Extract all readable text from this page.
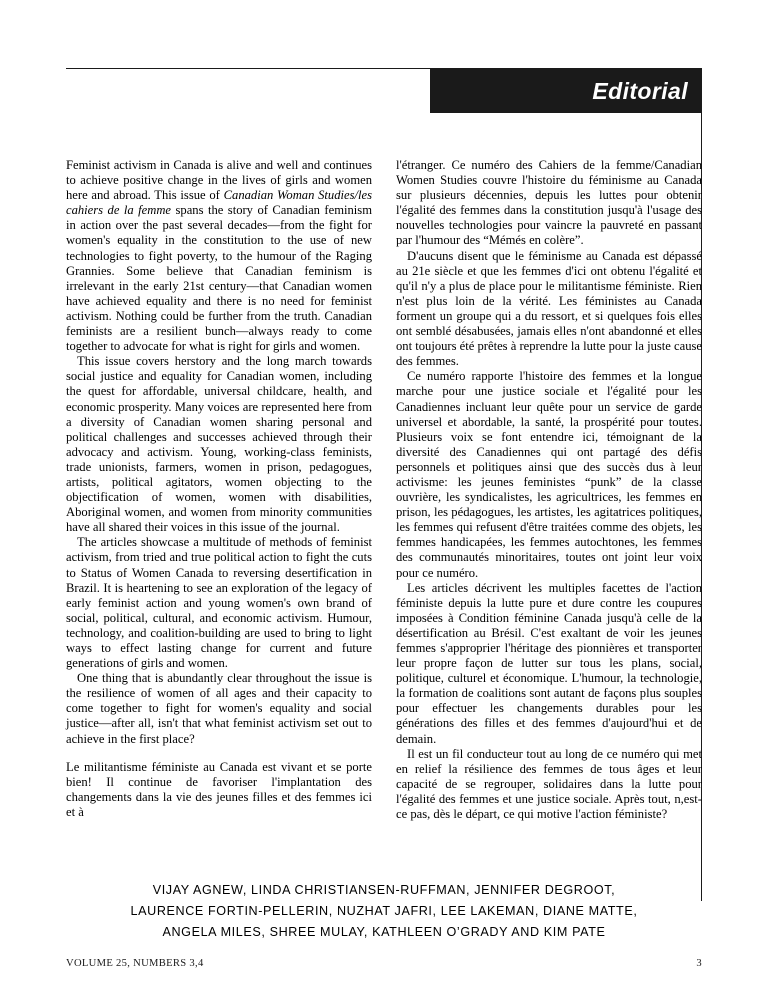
Editorial

Feminist activism in Canada is alive and well and continues to achieve positive change in the lives of girls and women here and abroad. This issue of Canadian Woman Studies/les cahiers de la femme spans the story of Canadian feminism in action over the past several decades—from the fight for women's equality in the constitution to the use of new technologies to fight poverty, to the humour of the Raging Grannies. Some believe that Canadian feminism is irrelevant in the early 21st century—that Canadian women have achieved equality and there is no need for feminist activism. Nothing could be further from the truth. Canadian feminists are a resilient bunch—always ready to come together to advocate for what is right for girls and women.

This issue covers herstory and the long march towards social justice and equality for Canadian women, including the quest for affordable, universal childcare, health, and economic prosperity. Many voices are represented here from a diversity of Canadian women sharing personal and political challenges and successes achieved through their advocacy and activism. Young, working-class feminists, trade unionists, farmers, women in prison, pedagogues, artists, political agitators, women objecting to the objectification of women, women with disabilities, Aboriginal women, and women from minority communities have all shared their voices in this issue of the journal.

The articles showcase a multitude of methods of feminist activism, from tried and true political action to fight the cuts to Status of Women Canada to reversing desertification in Brazil. It is heartening to see an exploration of the legacy of early feminist action and young women's own brand of social, political, cultural, and economic activism. Humour, technology, and coalition-building are used to bring to light ways to effect lasting change for current and future generations of girls and women.

One thing that is abundantly clear throughout the issue is the resilience of women of all ages and their capacity to come together to fight for women's equality and social justice—after all, isn't that what feminist activism set out to achieve in the first place?

Le militantisme féministe au Canada est vivant et se porte bien! Il continue de favoriser l'implantation des changements dans la vie des jeunes filles et des femmes ici et à

l'étranger. Ce numéro des Cahiers de la femme/Canadian Women Studies couvre l'histoire du féminisme au Canada sur plusieurs décennies, depuis les luttes pour obtenir l'égalité des femmes dans la constitution jusqu'à l'usage des nouvelles technologies pour vaincre la pauvreté en passant par l'humour des “Mémés en colère”.

D'aucuns disent que le féminisme au Canada est dépassé au 21e siècle et que les femmes d'ici ont obtenu l'égalité et qu'il n'y a plus de place pour le militantisme féministe. Rien n'est plus loin de la vérité. Les féministes au Canada forment un groupe qui a du ressort, et si quelques fois elles ont semblé désabusées, jamais elles n'ont abandonné et elles ont toujours été prêtes à reprendre la lutte pour la juste cause des femmes.

Ce numéro rapporte l'histoire des femmes et la longue marche pour une justice sociale et l'égalité pour les Canadiennes incluant leur quête pour un service de garde universel et abordable, la santé, la prospérité pour toutes. Plusieurs voix se font entendre ici, témoignant de la diversité des Canadiennes qui ont partagé des défis personnels et politiques ainsi que des succès dus à leur activisme: les jeunes feministes “punk” de la classe ouvrière, les syndicalistes, les agricultrices, les femmes en prison, les pédagogues, les artistes, les agitatrices politiques, les femmes qui refusent d'être traitées comme des objets, les femmes handicapées, les femmes autochtones, les femmes des communautés minoritaires, toutes ont joint leur voix pour ce numéro.

Les articles décrivent les multiples facettes de l'action féministe depuis la lutte pure et dure contre les coupures imposées à Condition féminine Canada jusqu'à celle de la désertification au Brésil. C'est exaltant de voir les jeunes femmes s'approprier l'héritage des pionnières et transporter leur propre façon de lutter sur tous les plans, social, politique, culturel et économique. L'humour, la technologie, la formation de coalitions sont autant de façons plus souples pour effectuer les changements durables pour les générations des filles et des femmes d'aujourd'hui et de demain.

Il est un fil conducteur tout au long de ce numéro qui met en relief la résilience des femmes de tous âges et leur capacité de se regrouper, solidaires dans la lutte pour l'égalité des femmes et une justice sociale. Après tout, n,est-ce pas, dès le départ, ce qui motive l'action féministe?

VIJAY AGNEW, LINDA CHRISTIANSEN-RUFFMAN, JENNIFER DEGROOT,
LAURENCE FORTIN-PELLERIN, NUZHAT JAFRI, LEE LAKEMAN, DIANE MATTE,
ANGELA MILES, SHREE MULAY, KATHLEEN O’GRADY AND KIM PATE
VOLUME 25, NUMBERS 3,4	3
